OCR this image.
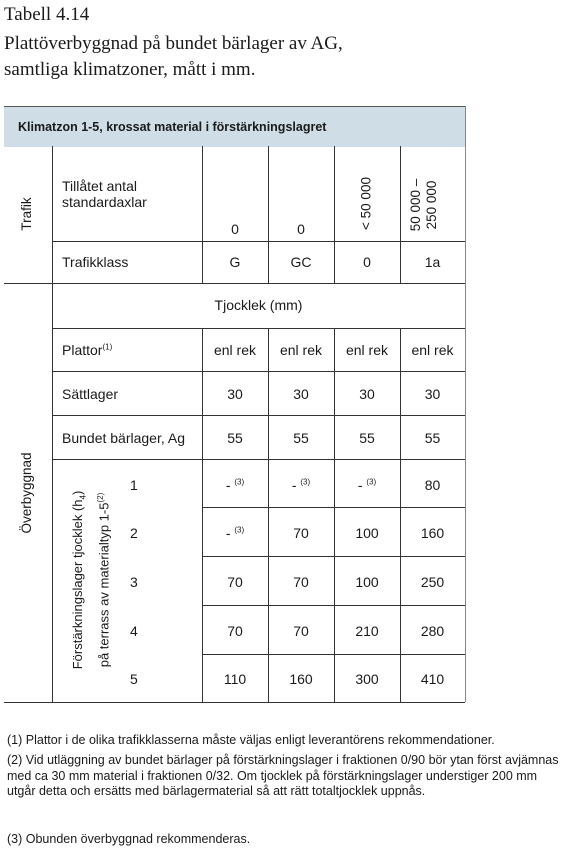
Tabell 4.14
Plattöverbyggnad på bundet bärlager av AG,
samtliga klimatzoner, mått i mm.
Klimatzon 1-5, krossat material i förstärkningslagret
Trafik
Överbyggnad
Tillåtet antal
standardaxlar
0	0	< 50 000	50 000 – 250 000
Trafikklass	G	GC	0	1a
Tjocklek (mm)
Plattor$^{(1)}$	enl rek	enl rek	enl rek	enl rek
Sättlager	30	30	30	30
Bundet bärlager, Ag	55	55	55	55
Förstärkningslager tjocklek $(h_4)$
på terrass av materialtyp 1-5$^{(2)}$
1	- $^{(3)}$	- $^{(3)}$	- $^{(3)}$	80
2	- $^{(3)}$	70	100	160
3	70	70	100	250
4	70	70	210	280
5	110	160	300	410
(1) Plattor i de olika trafikklasserna måste väljas enligt leverantörens rekommendationer.
(2) Vid utläggning av bundet bärlager på förstärkningslager i fraktionen 0/90 bör ytan först avjämnas med ca 30 mm material i fraktionen 0/32. Om tjocklek på förstärkningslager understiger 200 mm utgår detta och ersätts med bärlagermaterial så att rätt totaltjocklek uppnås.
(3) Obunden överbyggnad rekommenderas.
